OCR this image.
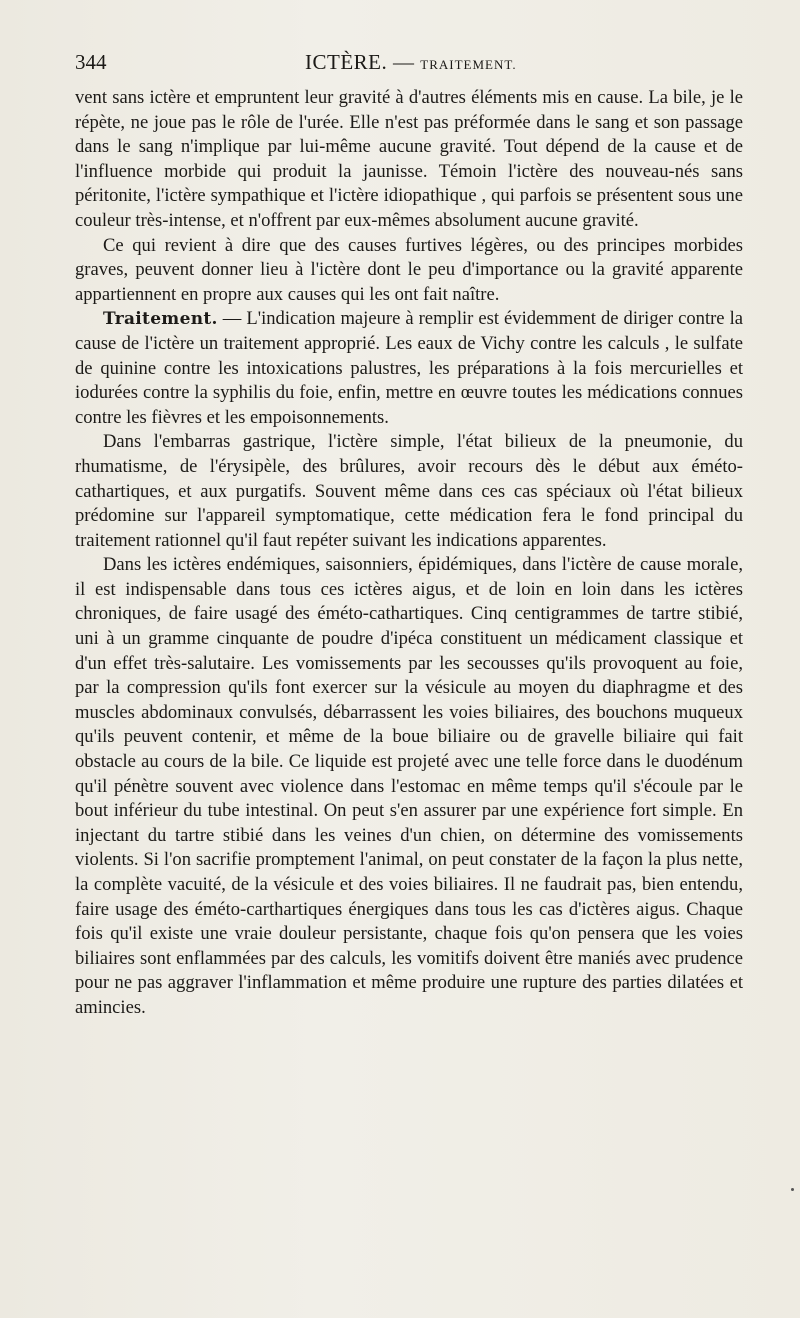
344	ICTÈRE. — TRAITEMENT.

vent sans ictère et empruntent leur gravité à d'autres éléments mis en cause. La bile, je le répète, ne joue pas le rôle de l'urée. Elle n'est pas préformée dans le sang et son passage dans le sang n'implique par lui-même aucune gravité. Tout dépend de la cause et de l'influence morbide qui produit la jaunisse. Témoin l'ictère des nouveau-nés sans péritonite, l'ictère sympathique et l'ictère idiopathique , qui parfois se présentent sous une couleur très-intense, et n'offrent par eux-mêmes absolument aucune gravité.

Ce qui revient à dire que des causes furtives légères, ou des principes morbides graves, peuvent donner lieu à l'ictère dont le peu d'importance ou la gravité apparente appartiennent en propre aux causes qui les ont fait naître.

Traitement. — L'indication majeure à remplir est évidemment de diriger contre la cause de l'ictère un traitement approprié. Les eaux de Vichy contre les calculs , le sulfate de quinine contre les intoxications palustres, les préparations à la fois mercurielles et iodurées contre la syphilis du foie, enfin, mettre en œuvre toutes les médications connues contre les fièvres et les empoisonnements.

Dans l'embarras gastrique, l'ictère simple, l'état bilieux de la pneumonie, du rhumatisme, de l'érysipèle, des brûlures, avoir recours dès le début aux éméto-cathartiques, et aux purgatifs. Souvent même dans ces cas spéciaux où l'état bilieux prédomine sur l'appareil symptomatique, cette médication fera le fond principal du traitement rationnel qu'il faut repéter suivant les indications apparentes.

Dans les ictères endémiques, saisonniers, épidémiques, dans l'ictère de cause morale, il est indispensable dans tous ces ictères aigus, et de loin en loin dans les ictères chroniques, de faire usagé des éméto-cathartiques. Cinq centigrammes de tartre stibié, uni à un gramme cinquante de poudre d'ipéca constituent un médicament classique et d'un effet très-salutaire. Les vomissements par les secousses qu'ils provoquent au foie, par la compression qu'ils font exercer sur la vésicule au moyen du diaphragme et des muscles abdominaux convulsés, débarrassent les voies biliaires, des bouchons muqueux qu'ils peuvent contenir, et même de la boue biliaire ou de gravelle biliaire qui fait obstacle au cours de la bile. Ce liquide est projeté avec une telle force dans le duodénum qu'il pénètre souvent avec violence dans l'estomac en même temps qu'il s'écoule par le bout inférieur du tube intestinal. On peut s'en assurer par une expérience fort simple. En injectant du tartre stibié dans les veines d'un chien, on détermine des vomissements violents. Si l'on sacrifie promptement l'animal, on peut constater de la façon la plus nette, la complète vacuité, de la vésicule et des voies biliaires. Il ne faudrait pas, bien entendu, faire usage des éméto-carthartiques énergiques dans tous les cas d'ictères aigus. Chaque fois qu'il existe une vraie douleur persistante, chaque fois qu'on pensera que les voies biliaires sont enflammées par des calculs, les vomitifs doivent être maniés avec prudence pour ne pas aggraver l'inflammation et même produire une rupture des parties dilatées et amincies.
